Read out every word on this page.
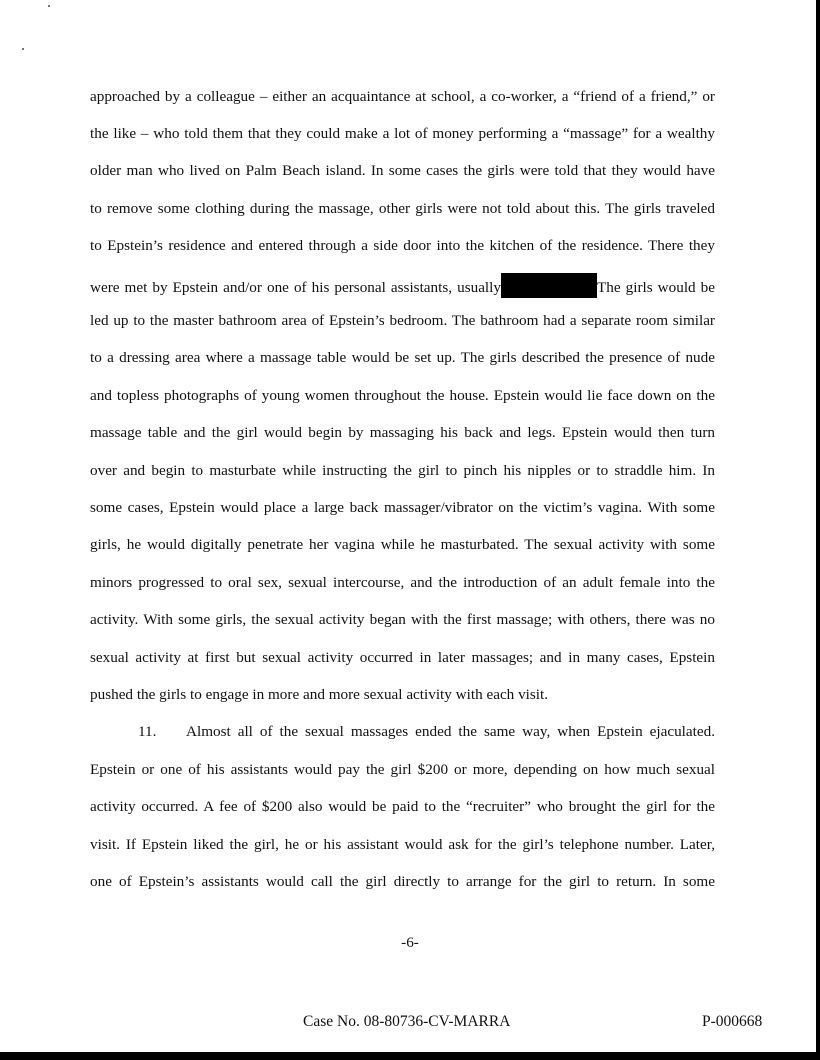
approached by a colleague – either an acquaintance at school, a co-worker, a “friend of a friend,” or
the like – who told them that they could make a lot of money performing a “massage” for a wealthy
older man who lived on Palm Beach island. In some cases the girls were told that they would have
to remove some clothing during the massage, other girls were not told about this. The girls traveled
to Epstein’s residence and entered through a side door into the kitchen of the residence. There they
were met by Epstein and/or one of his personal assistants, usually	The girls would be
led up to the master bathroom area of Epstein’s bedroom. The bathroom had a separate room similar
to a dressing area where a massage table would be set up. The girls described the presence of nude
and topless photographs of young women throughout the house. Epstein would lie face down on the
massage table and the girl would begin by massaging his back and legs. Epstein would then turn
over and begin to masturbate while instructing the girl to pinch his nipples or to straddle him. In
some cases, Epstein would place a large back massager/vibrator on the victim’s vagina. With some
girls, he would digitally penetrate her vagina while he masturbated. The sexual activity with some
minors progressed to oral sex, sexual intercourse, and the introduction of an adult female into the
activity. With some girls, the sexual activity began with the first massage; with others, there was no
sexual activity at first but sexual activity occurred in later massages; and in many cases, Epstein
pushed the girls to engage in more and more sexual activity with each visit.
11. Almost all of the sexual massages ended the same way, when Epstein ejaculated.
Epstein or one of his assistants would pay the girl $200 or more, depending on how much sexual
activity occurred. A fee of $200 also would be paid to the “recruiter” who brought the girl for the
visit. If Epstein liked the girl, he or his assistant would ask for the girl’s telephone number. Later,
one of Epstein’s assistants would call the girl directly to arrange for the girl to return. In some
-6-
Case No. 08-80736-CV-MARRA	P-000668
